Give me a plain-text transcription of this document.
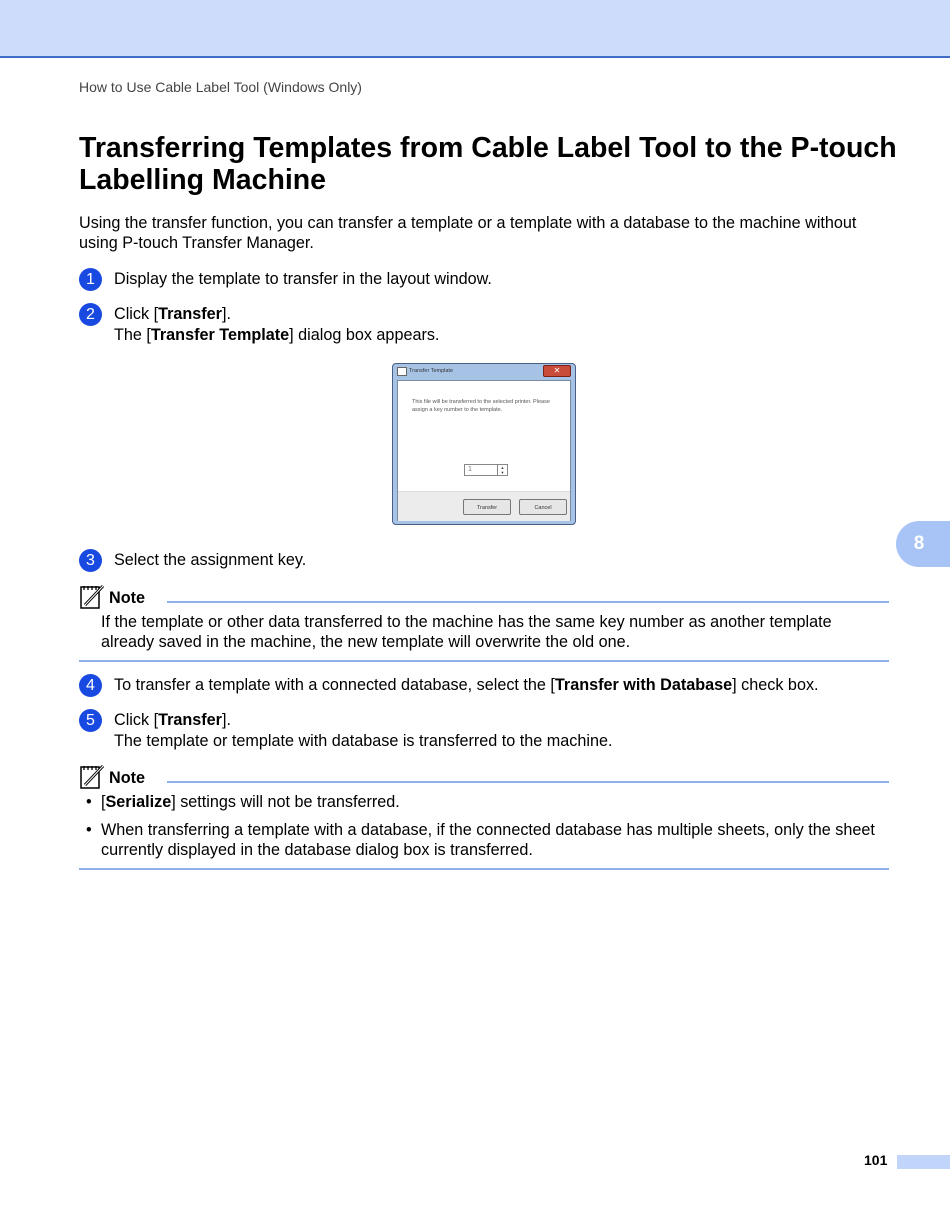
How to Use Cable Label Tool (Windows Only)
Transferring Templates from Cable Label Tool to the P-touch Labelling Machine

Using the transfer function, you can transfer a template or a template with a database to the machine without using P-touch Transfer Manager.

1	Display the template to transfer in the layout window.
2	Click [Transfer].
The [Transfer Template] dialog box appears.
Transfer Template	✕
This file will be transferred to the selected printer. Please assign a key number to the template.
1	▲
▼
Transfer	Cancel
3	Select the assignment key.
Note
If the template or other data transferred to the machine has the same key number as another template already saved in the machine, the new template will overwrite the old one.
4	To transfer a template with a connected database, select the [Transfer with Database] check box.
5	Click [Transfer].
The template or template with database is transferred to the machine.
Note
• [Serialize] settings will not be transferred.
• When transferring a template with a database, if the connected database has multiple sheets, only the sheet currently displayed in the database dialog box is transferred.
8
101
